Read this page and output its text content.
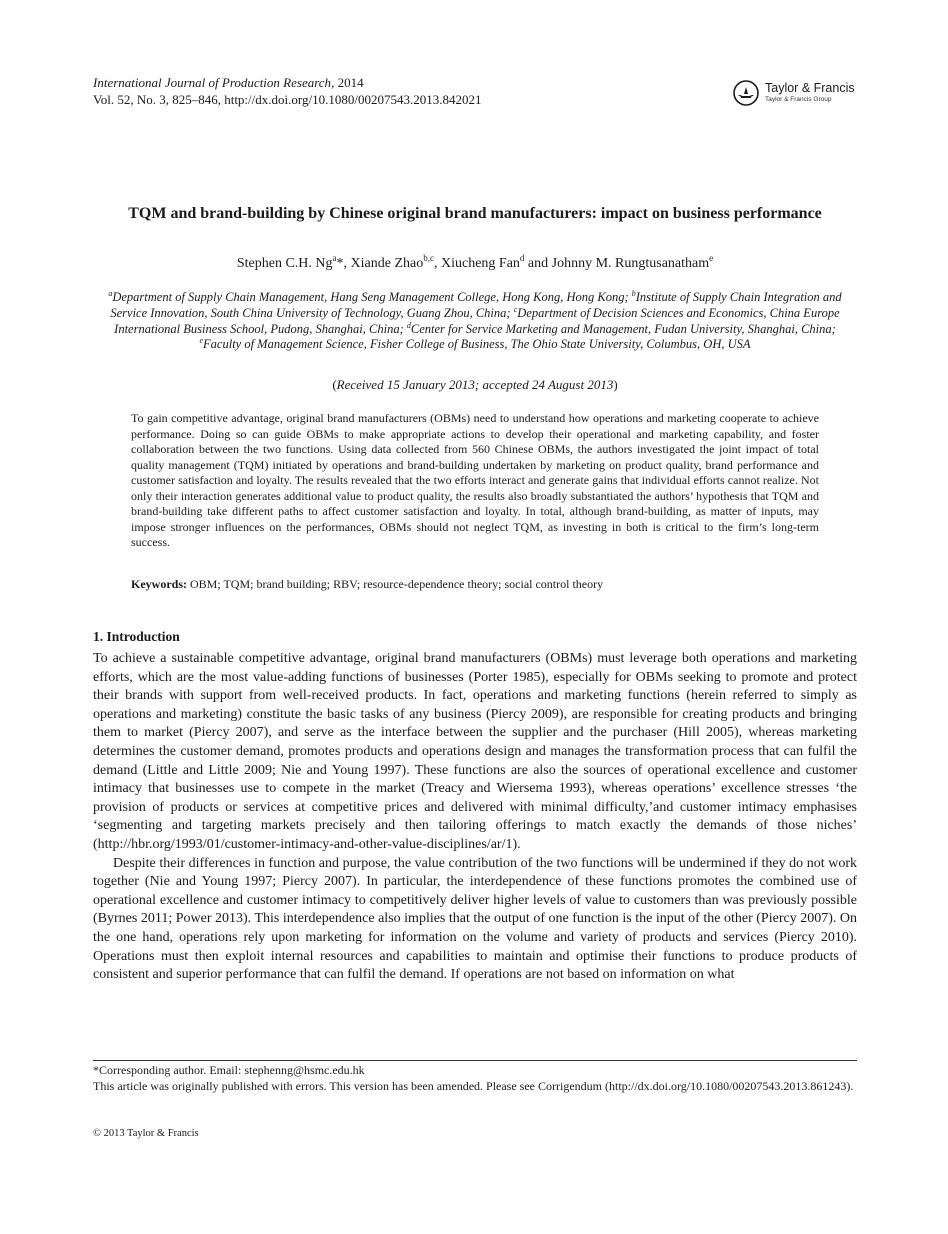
International Journal of Production Research, 2014
Vol. 52, No. 3, 825–846, http://dx.doi.org/10.1080/00207543.2013.842021
Taylor & Francis
Taylor & Francis Group
TQM and brand-building by Chinese original brand manufacturers: impact on business performance
Stephen C.H. Ng$^a$*, Xiande Zhao$^{b,c}$, Xiucheng Fan$^d$ and Johnny M. Rungtusanatham$^e$
$^a$Department of Supply Chain Management, Hang Seng Management College, Hong Kong, Hong Kong; $^b$Institute of Supply Chain Integration and Service Innovation, South China University of Technology, Guang Zhou, China; $^c$Department of Decision Sciences and Economics, China Europe International Business School, Pudong, Shanghai, China; $^d$Center for Service Marketing and Management, Fudan University, Shanghai, China; $^e$Faculty of Management Science, Fisher College of Business, The Ohio State University, Columbus, OH, USA
(Received 15 January 2013; accepted 24 August 2013)
To gain competitive advantage, original brand manufacturers (OBMs) need to understand how operations and marketing cooperate to achieve performance. Doing so can guide OBMs to make appropriate actions to develop their operational and marketing capability, and foster collaboration between the two functions. Using data collected from 560 Chinese OBMs, the authors investigated the joint impact of total quality management (TQM) initiated by operations and brand-building undertaken by marketing on product quality, brand performance and customer satisfaction and loyalty. The results revealed that the two efforts interact and generate gains that individual efforts cannot realize. Not only their interaction generates additional value to product quality, the results also broadly substantiated the authors’ hypothesis that TQM and brand-building take different paths to affect customer satisfaction and loyalty. In total, although brand-building, as matter of inputs, may impose stronger influences on the performances, OBMs should not neglect TQM, as investing in both is critical to the firm’s long-term success.
Keywords: OBM; TQM; brand building; RBV; resource-dependence theory; social control theory
1. Introduction

To achieve a sustainable competitive advantage, original brand manufacturers (OBMs) must leverage both operations and marketing efforts, which are the most value-adding functions of businesses (Porter 1985), especially for OBMs seeking to promote and protect their brands with support from well-received products. In fact, operations and marketing functions (herein referred to simply as operations and marketing) constitute the basic tasks of any business (Piercy 2009), are responsible for creating products and bringing them to market (Piercy 2007), and serve as the interface between the supplier and the purchaser (Hill 2005), whereas marketing determines the customer demand, promotes products and operations design and manages the transformation process that can fulfil the demand (Little and Little 2009; Nie and Young 1997). These functions are also the sources of operational excellence and customer intimacy that businesses use to compete in the market (Treacy and Wiersema 1993), whereas operations’ excellence stresses ‘the provision of products or services at competitive prices and delivered with minimal difficulty,’and customer intimacy emphasises ‘segmenting and targeting markets precisely and then tailoring offerings to match exactly the demands of those niches’ (http://hbr.org/1993/01/customer-intimacy-and-other-value-disciplines/ar/1).

Despite their differences in function and purpose, the value contribution of the two functions will be undermined if they do not work together (Nie and Young 1997; Piercy 2007). In particular, the interdependence of these functions promotes the combined use of operational excellence and customer intimacy to competitively deliver higher levels of value to customers than was previously possible (Byrnes 2011; Power 2013). This interdependence also implies that the output of one function is the input of the other (Piercy 2007). On the one hand, operations rely upon marketing for information on the volume and variety of products and services (Piercy 2010). Operations must then exploit internal resources and capabilities to maintain and optimise their functions to produce products of consistent and superior performance that can fulfil the demand. If operations are not based on information on what

*Corresponding author. Email: stephenng@hsmc.edu.hk

This article was originally published with errors. This version has been amended. Please see Corrigendum (http://dx.doi.org/10.1080/00207543.2013.861243).

© 2013 Taylor & Francis
